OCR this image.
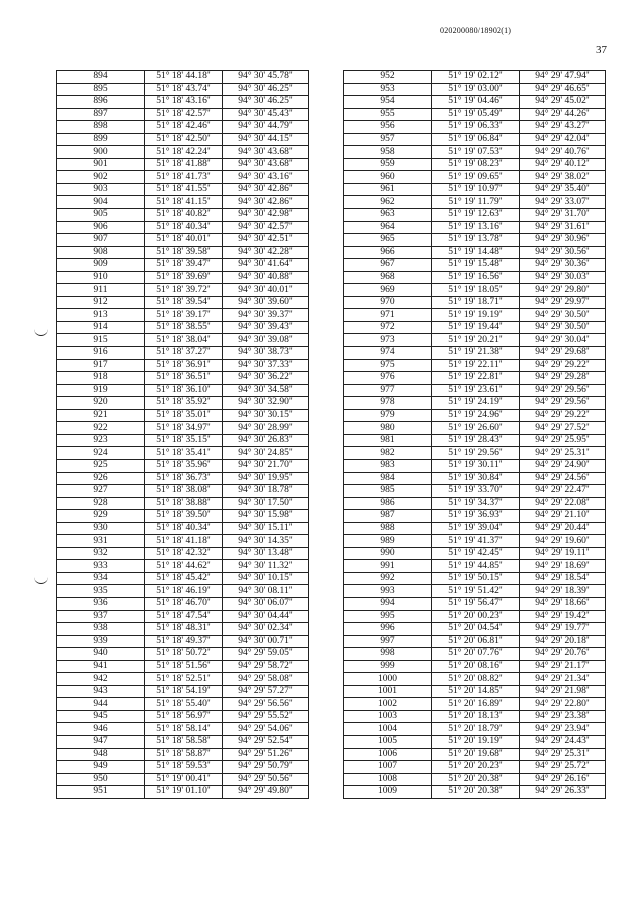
020200080/18902(1)
37
894	51° 18' 44.18"	94° 30' 45.78"
895	51° 18' 43.74"	94° 30' 46.25"
896	51° 18' 43.16"	94° 30' 46.25"
897	51° 18' 42.57"	94° 30' 45.43"
898	51° 18' 42.46"	94° 30' 44.79"
899	51° 18' 42.50"	94° 30' 44.15"
900	51° 18' 42.24"	94° 30' 43.68"
901	51° 18' 41.88"	94° 30' 43.68"
902	51° 18' 41.73"	94° 30' 43.16"
903	51° 18' 41.55"	94° 30' 42.86"
904	51° 18' 41.15"	94° 30' 42.86"
905	51° 18' 40.82"	94° 30' 42.98"
906	51° 18' 40.34"	94° 30' 42.57"
907	51° 18' 40.01"	94° 30' 42.51"
908	51° 18' 39.58"	94° 30' 42.28"
909	51° 18' 39.47"	94° 30' 41.64"
910	51° 18' 39.69"	94° 30' 40.88"
911	51° 18' 39.72"	94° 30' 40.01"
912	51° 18' 39.54"	94° 30' 39.60"
913	51° 18' 39.17"	94° 30' 39.37"
914	51° 18' 38.55"	94° 30' 39.43"
915	51° 18' 38.04"	94° 30' 39.08"
916	51° 18' 37.27"	94° 30' 38.73"
917	51° 18' 36.91"	94° 30' 37.33"
918	51° 18' 36.51"	94° 30' 36.22"
919	51° 18' 36.10"	94° 30' 34.58"
920	51° 18' 35.92"	94° 30' 32.90"
921	51° 18' 35.01"	94° 30' 30.15"
922	51° 18' 34.97"	94° 30' 28.99"
923	51° 18' 35.15"	94° 30' 26.83"
924	51° 18' 35.41"	94° 30' 24.85"
925	51° 18' 35.96"	94° 30' 21.70"
926	51° 18' 36.73"	94° 30' 19.95"
927	51° 18' 38.08"	94° 30' 18.78"
928	51° 18' 38.88"	94° 30' 17.50"
929	51° 18' 39.50"	94° 30' 15.98"
930	51° 18' 40.34"	94° 30' 15.11"
931	51° 18' 41.18"	94° 30' 14.35"
932	51° 18' 42.32"	94° 30' 13.48"
933	51° 18' 44.62"	94° 30' 11.32"
934	51° 18' 45.42"	94° 30' 10.15"
935	51° 18' 46.19"	94° 30' 08.11"
936	51° 18' 46.70"	94° 30' 06.07"
937	51° 18' 47.54"	94° 30' 04.44"
938	51° 18' 48.31"	94° 30' 02.34"
939	51° 18' 49.37"	94° 30' 00.71"
940	51° 18' 50.72"	94° 29' 59.05"
941	51° 18' 51.56"	94° 29' 58.72"
942	51° 18' 52.51"	94° 29' 58.08"
943	51° 18' 54.19"	94° 29' 57.27"
944	51° 18' 55.40"	94° 29' 56.56"
945	51° 18' 56.97"	94° 29' 55.52"
946	51° 18' 58.14"	94° 29' 54.06"
947	51° 18' 58.58"	94° 29' 52.54"
948	51° 18' 58.87"	94° 29' 51.26"
949	51° 18' 59.53"	94° 29' 50.79"
950	51° 19' 00.41"	94° 29' 50.56"
951	51° 19' 01.10"	94° 29' 49.80"
952	51° 19' 02.12"	94° 29' 47.94"
953	51° 19' 03.00"	94° 29' 46.65"
954	51° 19' 04.46"	94° 29' 45.02"
955	51° 19' 05.49"	94° 29' 44.26"
956	51° 19' 06.33"	94° 29' 43.27"
957	51° 19' 06.84"	94° 29' 42.04"
958	51° 19' 07.53"	94° 29' 40.76"
959	51° 19' 08.23"	94° 29' 40.12"
960	51° 19' 09.65"	94° 29' 38.02"
961	51° 19' 10.97"	94° 29' 35.40"
962	51° 19' 11.79"	94° 29' 33.07"
963	51° 19' 12.63"	94° 29' 31.70"
964	51° 19' 13.16"	94° 29' 31.61"
965	51° 19' 13.78"	94° 29' 30.96"
966	51° 19' 14.48"	94° 29' 30.56"
967	51° 19' 15.48"	94° 29' 30.36"
968	51° 19' 16.56"	94° 29' 30.03"
969	51° 19' 18.05"	94° 29' 29.80"
970	51° 19' 18.71"	94° 29' 29.97"
971	51° 19' 19.19"	94° 29' 30.50"
972	51° 19' 19.44"	94° 29' 30.50"
973	51° 19' 20.21"	94° 29' 30.04"
974	51° 19' 21.38"	94° 29' 29.68"
975	51° 19' 22.11"	94° 29' 29.22"
976	51° 19' 22.81"	94° 29' 29.28"
977	51° 19' 23.61"	94° 29' 29.56"
978	51° 19' 24.19"	94° 29' 29.56"
979	51° 19' 24.96"	94° 29' 29.22"
980	51° 19' 26.60"	94° 29' 27.52"
981	51° 19' 28.43"	94° 29' 25.95"
982	51° 19' 29.56"	94° 29' 25.31"
983	51° 19' 30.11"	94° 29' 24.90"
984	51° 19' 30.84"	94° 29' 24.56"
985	51° 19' 33.70"	94° 29' 22.47"
986	51° 19' 34.37"	94° 29' 22.08"
987	51° 19' 36.93"	94° 29' 21.10"
988	51° 19' 39.04"	94° 29' 20.44"
989	51° 19' 41.37"	94° 29' 19.60"
990	51° 19' 42.45"	94° 29' 19.11"
991	51° 19' 44.85"	94° 29' 18.69"
992	51° 19' 50.15"	94° 29' 18.54"
993	51° 19' 51.42"	94° 29' 18.39"
994	51° 19' 56.47"	94° 29' 18.66"
995	51° 20' 00.23"	94° 29' 19.42"
996	51° 20' 04.54"	94° 29' 19.77"
997	51° 20' 06.81"	94° 29' 20.18"
998	51° 20' 07.76"	94° 29' 20.76"
999	51° 20' 08.16"	94° 29' 21.17"
1000	51° 20' 08.82"	94° 29' 21.34"
1001	51° 20' 14.85"	94° 29' 21.98"
1002	51° 20' 16.89"	94° 29' 22.80"
1003	51° 20' 18.13"	94° 29' 23.38"
1004	51° 20' 18.79"	94° 29' 23.94"
1005	51° 20' 19.19"	94° 29' 24.43"
1006	51° 20' 19.68"	94° 29' 25.31"
1007	51° 20' 20.23"	94° 29' 25.72"
1008	51° 20' 20.38"	94° 29' 26.16"
1009	51° 20' 20.38"	94° 29' 26.33"
